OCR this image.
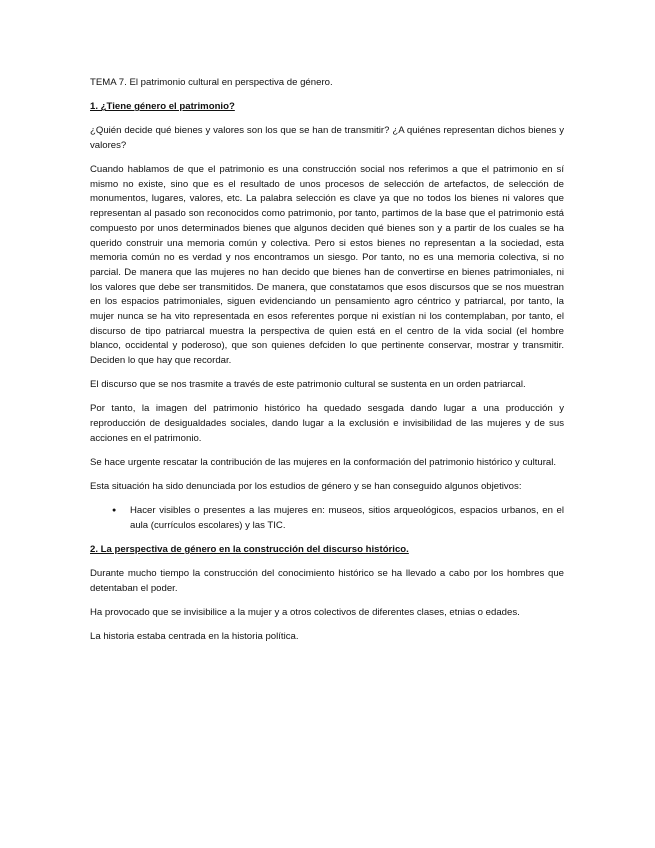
TEMA 7. El patrimonio cultural en perspectiva de género.

1. ¿Tiene género el patrimonio?

¿Quién decide qué bienes y valores son los que se han de transmitir? ¿A quiénes representan dichos bienes y valores?

Cuando hablamos de que el patrimonio es una construcción social nos referimos a que el patrimonio en sí mismo no existe, sino que es el resultado de unos procesos de selección de artefactos, de selección de monumentos, lugares, valores, etc. La palabra selección es clave ya que no todos los bienes ni valores que representan al pasado son reconocidos como patrimonio, por tanto, partimos de la base que el patrimonio está compuesto por unos determinados bienes que algunos deciden qué bienes son y a partir de los cuales se ha querido construir una memoria común y colectiva. Pero si estos bienes no representan a la sociedad, esta memoria común no es verdad y nos encontramos un siesgo. Por tanto, no es una memoria colectiva, si no parcial. De manera que las mujeres no han decido que bienes han de convertirse en bienes patrimoniales, ni los valores que debe ser transmitidos. De manera, que constatamos que esos discursos que se nos muestran en los espacios patrimoniales, siguen evidenciando un pensamiento agro céntrico y patriarcal, por tanto, la mujer nunca se ha vito representada en esos referentes porque ni existían ni los contemplaban, por tanto, el discurso de tipo patriarcal muestra la perspectiva de quien está en el centro de la vida social (el hombre blanco, occidental y poderoso), que son quienes defciden lo que pertinente conservar, mostrar y transmitir. Deciden lo que hay que recordar.

El discurso que se nos trasmite a través de este patrimonio cultural se sustenta en un orden patriarcal.

Por tanto, la imagen del patrimonio histórico ha quedado sesgada dando lugar a una producción y reproducción de desigualdades sociales, dando lugar a la exclusión e invisibilidad de las mujeres y de sus acciones en el patrimonio.

Se hace urgente rescatar la contribución de las mujeres en la conformación del patrimonio histórico y cultural.

Esta situación ha sido denunciada por los estudios de género y se han conseguido algunos objetivos:

● Hacer visibles o presentes a las mujeres en: museos, sitios arqueológicos, espacios urbanos, en el aula (currículos escolares) y las TIC.

2. La perspectiva de género en la construcción del discurso histórico.

Durante mucho tiempo la construcción del conocimiento histórico se ha llevado a cabo por los hombres que detentaban el poder.

Ha provocado que se invisibilice a la mujer y a otros colectivos de diferentes clases, etnias o edades.

La historia estaba centrada en la historia política.
